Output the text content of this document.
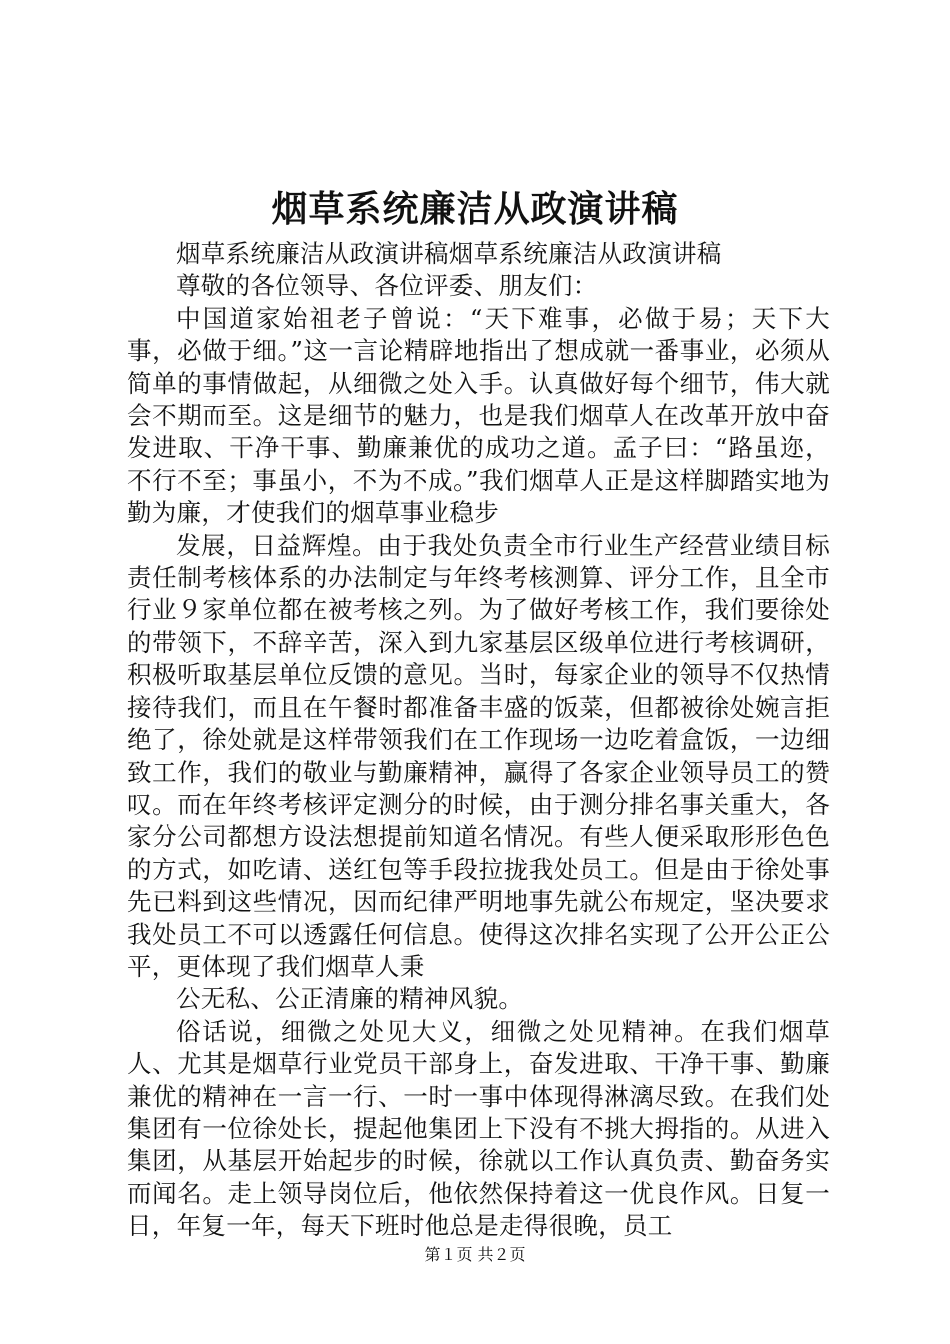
烟草系统廉洁从政演讲稿

烟草系统廉洁从政演讲稿烟草系统廉洁从政演讲稿

尊敬的各位领导、各位评委、朋友们：

中国道家始祖老子曾说：“天下难事，必做于易；天下大事，必做于细。”这一言论精辟地指出了想成就一番事业，必须从简单的事情做起，从细微之处入手。认真做好每个细节，伟大就会不期而至。这是细节的魅力，也是我们烟草人在改革开放中奋发进取、干净干事、勤廉兼优的成功之道。孟子曰：“路虽迩，不行不至；事虽小，不为不成。”我们烟草人正是这样脚踏实地为勤为廉，才使我们的烟草事业稳步

发展，日益辉煌。由于我处负责全市行业生产经营业绩目标责任制考核体系的办法制定与年终考核测算、评分工作，且全市行业９家单位都在被考核之列。为了做好考核工作，我们要徐处的带领下，不辞辛苦，深入到九家基层区级单位进行考核调研，积极听取基层单位反馈的意见。当时，每家企业的领导不仅热情接待我们，而且在午餐时都准备丰盛的饭菜，但都被徐处婉言拒绝了，徐处就是这样带领我们在工作现场一边吃着盒饭，一边细致工作，我们的敬业与勤廉精神，赢得了各家企业领导员工的赞叹。而在年终考核评定测分的时候，由于测分排名事关重大，各家分公司都想方设法想提前知道名情况。有些人便采取形形色色的方式，如吃请、送红包等手段拉拢我处员工。但是由于徐处事先已料到这些情况，因而纪律严明地事先就公布规定，坚决要求我处员工不可以透露任何信息。使得这次排名实现了公开公正公平，更体现了我们烟草人秉

公无私、公正清廉的精神风貌。

俗话说，细微之处见大义，细微之处见精神。在我们烟草人、尤其是烟草行业党员干部身上，奋发进取、干净干事、勤廉兼优的精神在一言一行、一时一事中体现得淋漓尽致。在我们处集团有一位徐处长，提起他集团上下没有不挑大拇指的。从进入集团，从基层开始起步的时候，徐就以工作认真负责、勤奋务实而闻名。走上领导岗位后，他依然保持着这一优良作风。日复一日，年复一年，每天下班时他总是走得很晚，员工

第１页 共２页
